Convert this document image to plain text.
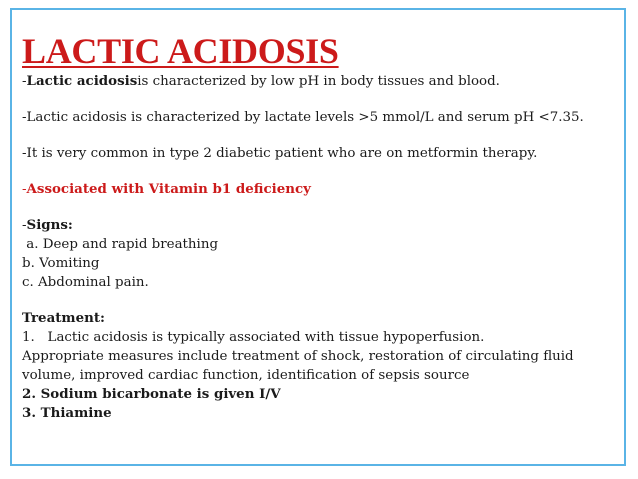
LACTIC ACIDOSIS
-Lactic acidosisis characterized by low pH in body tissues and blood.
-Lactic acidosis is characterized by lactate levels >5 mmol/L and serum pH <7.35.
-It is very common in type 2 diabetic patient who are on metformin therapy.
-Associated with Vitamin b1 deficiency
-Signs:
a. Deep and rapid breathing
b. Vomiting
c. Abdominal pain.
Treatment:
1.   Lactic acidosis is typically associated with tissue hypoperfusion.
Appropriate measures include treatment of shock, restoration of circulating fluid volume, improved cardiac function, identification of sepsis source
2. Sodium bicarbonate is given I/V
3. Thiamine
